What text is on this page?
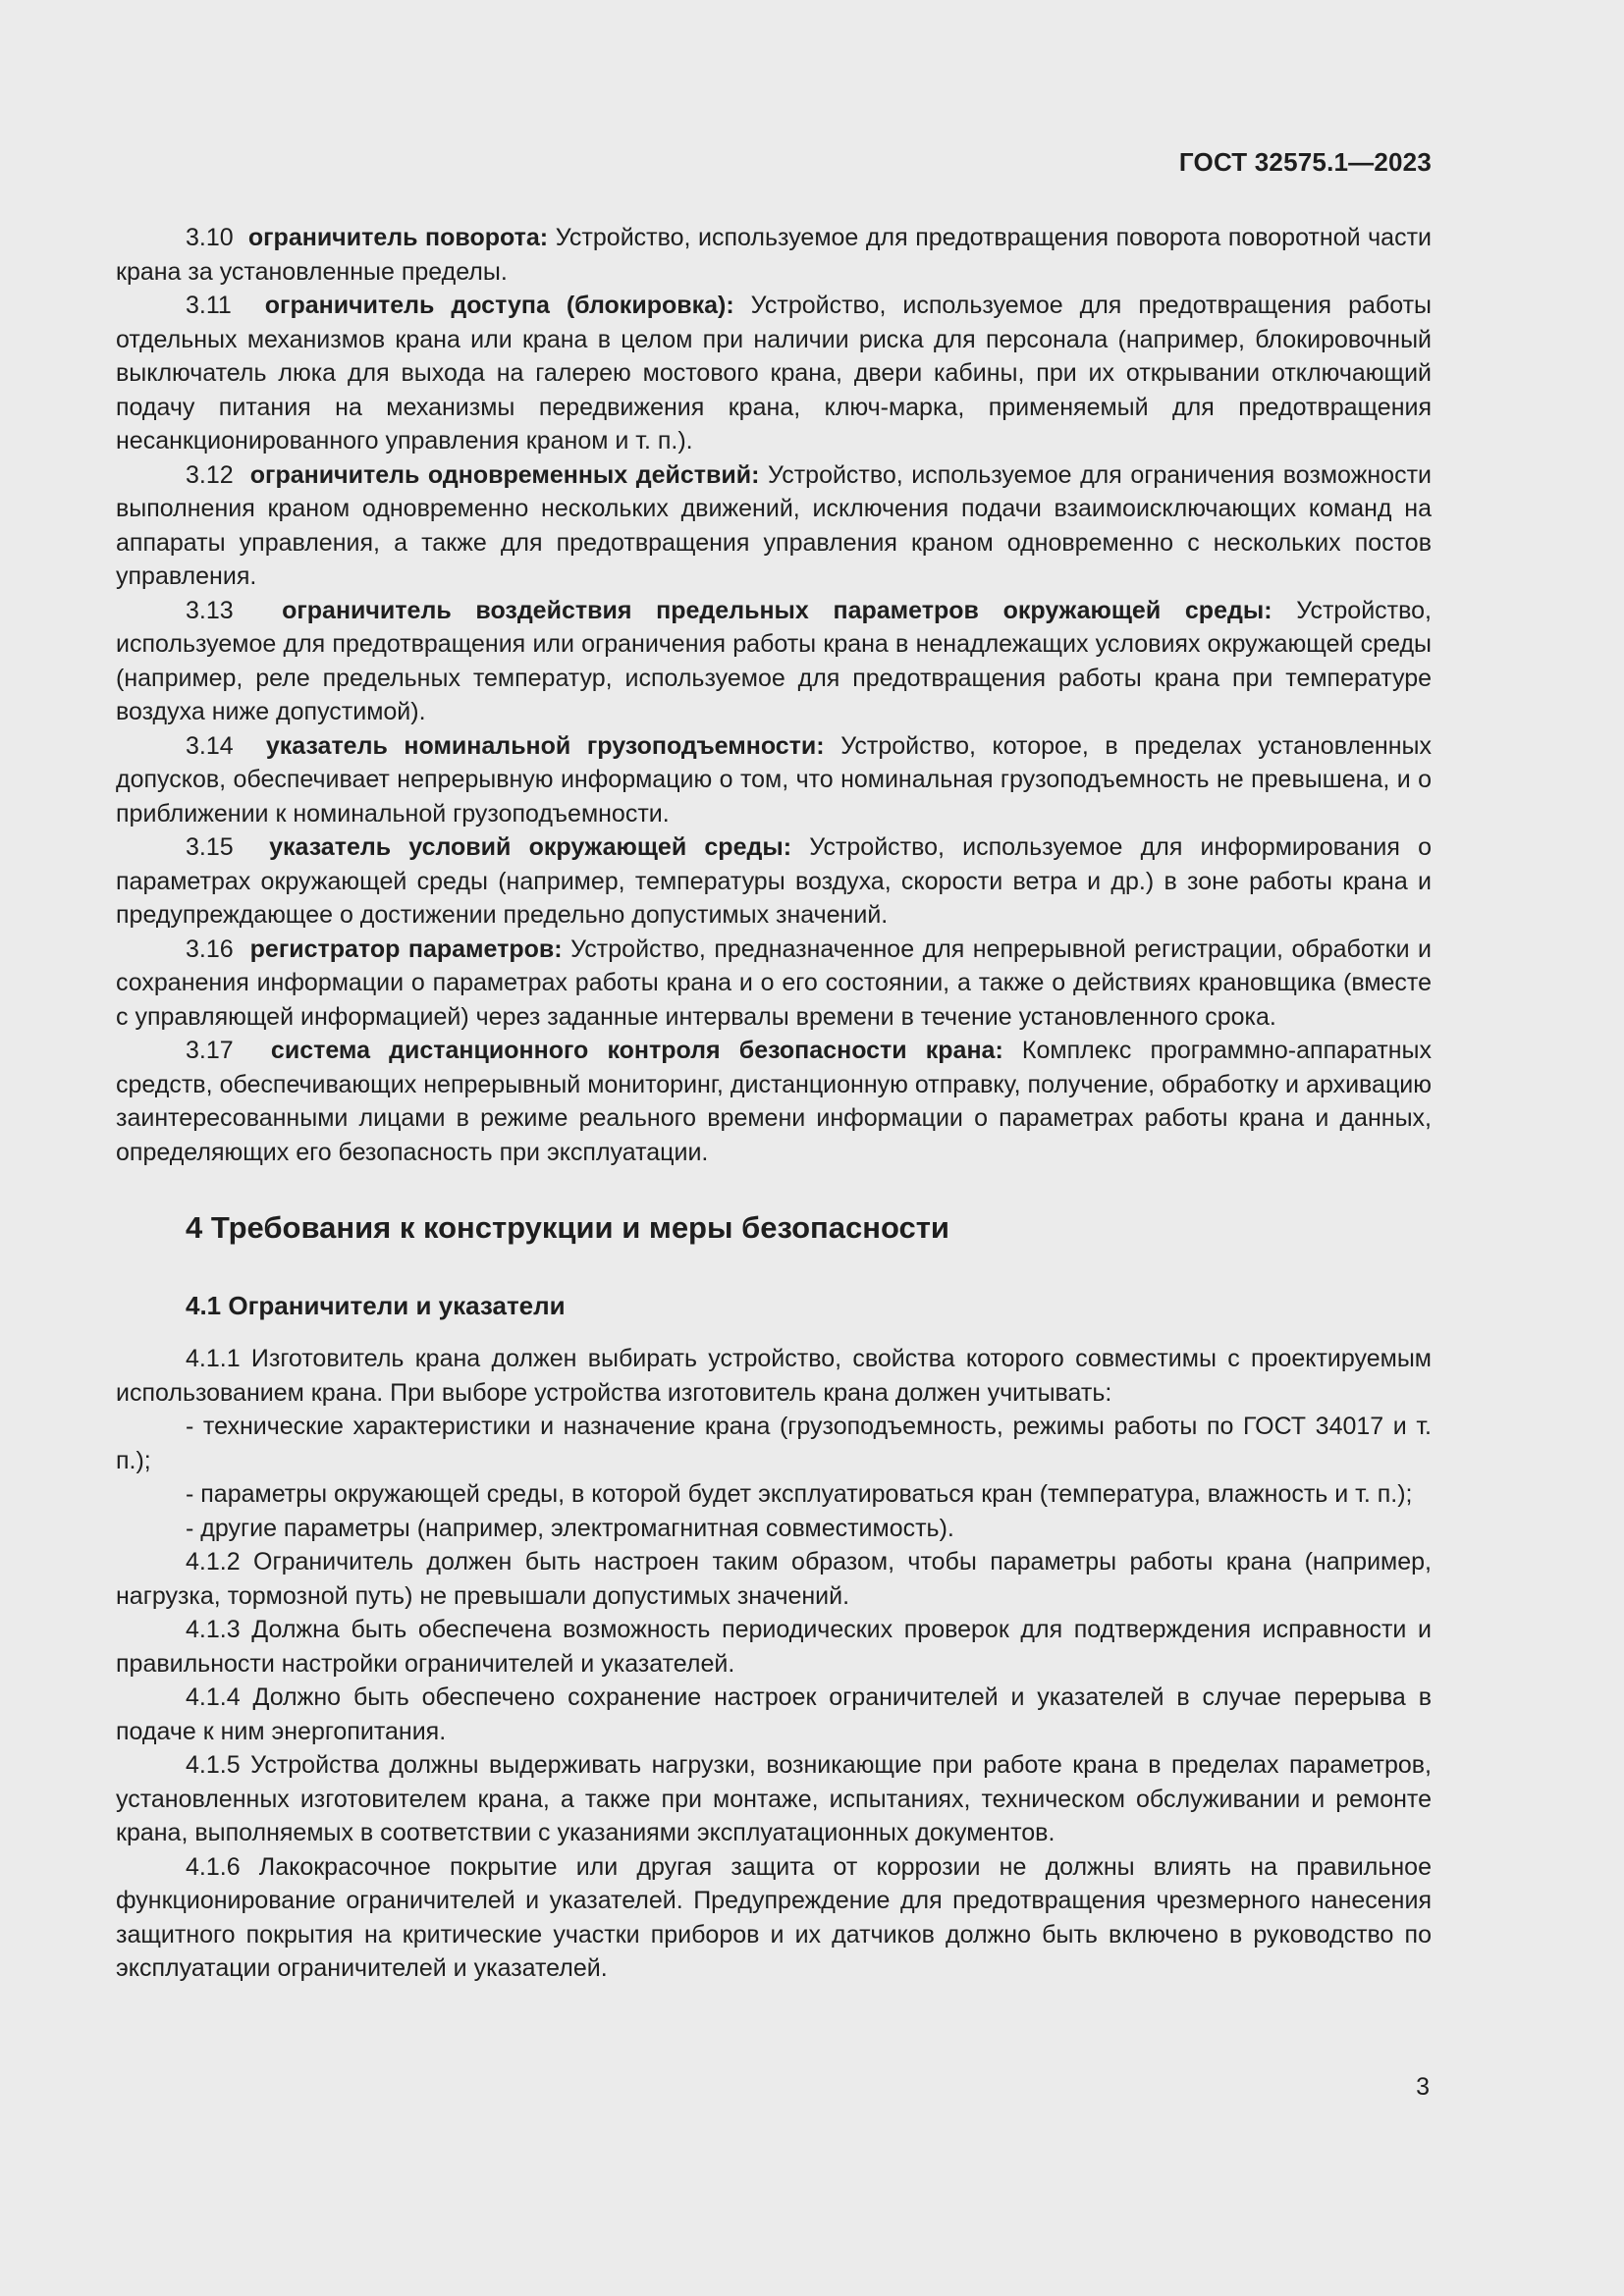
ГОСТ 32575.1—2023

3.10 ограничитель поворота: Устройство, используемое для предотвращения поворота поворотной части крана за установленные пределы.

3.11 ограничитель доступа (блокировка): Устройство, используемое для предотвращения работы отдельных механизмов крана или крана в целом при наличии риска для персонала (например, блокировочный выключатель люка для выхода на галерею мостового крана, двери кабины, при их открывании отключающий подачу питания на механизмы передвижения крана, ключ-марка, применяемый для предотвращения несанкционированного управления краном и т. п.).

3.12 ограничитель одновременных действий: Устройство, используемое для ограничения возможности выполнения краном одновременно нескольких движений, исключения подачи взаимоисключающих команд на аппараты управления, а также для предотвращения управления краном одновременно с нескольких постов управления.

3.13 ограничитель воздействия предельных параметров окружающей среды: Устройство, используемое для предотвращения или ограничения работы крана в ненадлежащих условиях окружающей среды (например, реле предельных температур, используемое для предотвращения работы крана при температуре воздуха ниже допустимой).

3.14 указатель номинальной грузоподъемности: Устройство, которое, в пределах установленных допусков, обеспечивает непрерывную информацию о том, что номинальная грузоподъемность не превышена, и о приближении к номинальной грузоподъемности.

3.15 указатель условий окружающей среды: Устройство, используемое для информирования о параметрах окружающей среды (например, температуры воздуха, скорости ветра и др.) в зоне работы крана и предупреждающее о достижении предельно допустимых значений.

3.16 регистратор параметров: Устройство, предназначенное для непрерывной регистрации, обработки и сохранения информации о параметрах работы крана и о его состоянии, а также о действиях крановщика (вместе с управляющей информацией) через заданные интервалы времени в течение установленного срока.

3.17 система дистанционного контроля безопасности крана: Комплекс программно-аппаратных средств, обеспечивающих непрерывный мониторинг, дистанционную отправку, получение, обработку и архивацию заинтересованными лицами в режиме реального времени информации о параметрах работы крана и данных, определяющих его безопасность при эксплуатации.

4 Требования к конструкции и меры безопасности
4.1 Ограничители и указатели

4.1.1 Изготовитель крана должен выбирать устройство, свойства которого совместимы с проектируемым использованием крана. При выборе устройства изготовитель крана должен учитывать:

- технические характеристики и назначение крана (грузоподъемность, режимы работы по ГОСТ 34017 и т. п.);

- параметры окружающей среды, в которой будет эксплуатироваться кран (температура, влажность и т. п.);

- другие параметры (например, электромагнитная совместимость).

4.1.2 Ограничитель должен быть настроен таким образом, чтобы параметры работы крана (например, нагрузка, тормозной путь) не превышали допустимых значений.

4.1.3 Должна быть обеспечена возможность периодических проверок для подтверждения исправности и правильности настройки ограничителей и указателей.

4.1.4 Должно быть обеспечено сохранение настроек ограничителей и указателей в случае перерыва в подаче к ним энергопитания.

4.1.5 Устройства должны выдерживать нагрузки, возникающие при работе крана в пределах параметров, установленных изготовителем крана, а также при монтаже, испытаниях, техническом обслуживании и ремонте крана, выполняемых в соответствии с указаниями эксплуатационных документов.

4.1.6 Лакокрасочное покрытие или другая защита от коррозии не должны влиять на правильное функционирование ограничителей и указателей. Предупреждение для предотвращения чрезмерного нанесения защитного покрытия на критические участки приборов и их датчиков должно быть включено в руководство по эксплуатации ограничителей и указателей.

3
